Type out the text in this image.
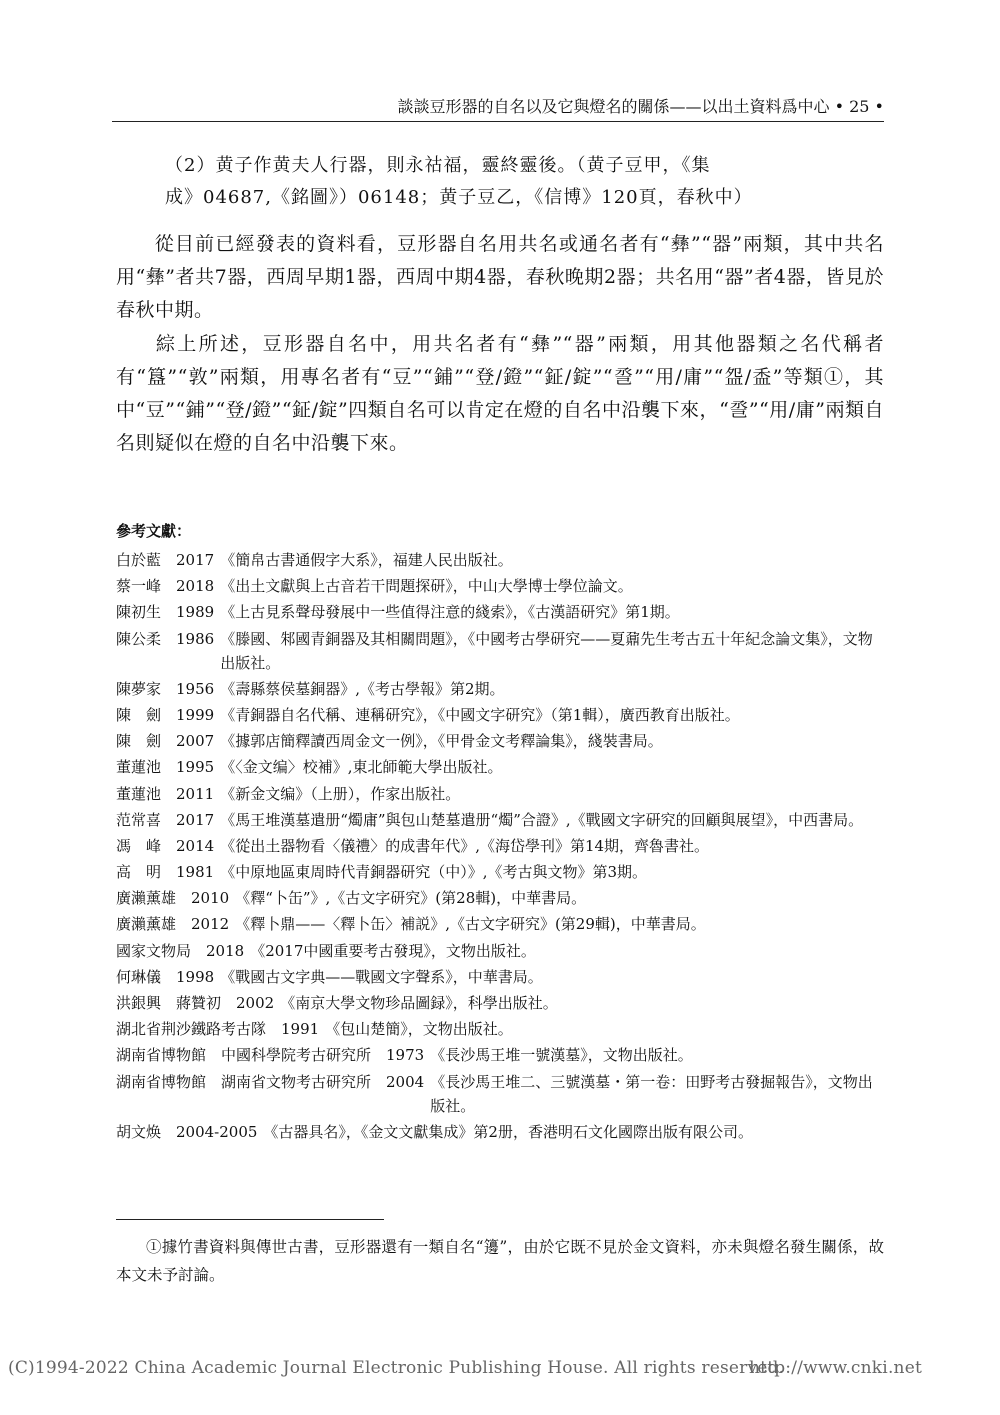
談談豆形器的自名以及它與燈名的關係——以出土資料爲中心 • 25 •
（2）黄子作黄夫人行器，則永祜福，靈終靈後。（黄子豆甲，《集
成》04687,《銘圖》）06148；黄子豆乙，《信博》120頁，春秋中）
從目前已經發表的資料看，豆形器自名用共名或通名者有“彝”“器”兩類，其中共名用“彝”者共7器，西周早期1器，西周中期4器，春秋晚期2器；共名用“器”者4器，皆見於春秋中期。
綜上所述，豆形器自名中，用共名者有“彝”“器”兩類，用其他器類之名代稱者有“簋”“敦”兩類，用專名者有“豆”“鋪”“登/鐙”“鉦/錠”“巹”“用/庸”“盌/盉”等類①，其中“豆”“鋪”“登/鐙”“鉦/錠”四類自名可以肯定在燈的自名中沿襲下來，“巹”“用/庸”兩類自名則疑似在燈的自名中沿襲下來。
參考文獻：
白於藍　2017 《簡帛古書通假字大系》，福建人民出版社。
蔡一峰　2018 《出土文獻與上古音若干問題探研》，中山大學博士學位論文。
陳初生　1989 《上古見系聲母發展中一些值得注意的綫索》，《古漢語研究》第1期。
陳公柔　1986 《滕國、邾國青銅器及其相關問題》，《中國考古學研究——夏鼐先生考古五十年紀念論文集》，文物出版社。
陳夢家　1956 《壽縣蔡侯墓銅器》,《考古學報》第2期。
陳　劍　1999 《青銅器自名代稱、連稱研究》，《中國文字研究》（第1輯），廣西教育出版社。
陳　劍　2007 《據郭店簡釋讀西周金文一例》，《甲骨金文考釋論集》，綫裝書局。
董蓮池　1995 《〈金文编〉校補》,東北師範大學出版社。
董蓮池　2011 《新金文编》（上册），作家出版社。
范常喜　2017 《馬王堆漢墓遣册“燭庸”與包山楚墓遣册“燭”合證》,《戰國文字研究的回顧與展望》，中西書局。
馮　峰　2014 《從出土器物看〈儀禮〉的成書年代》,《海岱學刊》第14期，齊魯書社。
高　明　1981 《中原地區東周時代青銅器研究（中）》,《考古與文物》第3期。
廣瀨薰雄　2010 《釋“卜缶”》,《古文字研究》(第28輯)，中華書局。
廣瀨薰雄　2012 《釋卜鼎——〈釋卜缶〉補説》,《古文字研究》(第29輯)，中華書局。
國家文物局　2018 《2017中國重要考古發現》，文物出版社。
何琳儀　1998 《戰國古文字典——戰國文字聲系》，中華書局。
洪銀興　蔣贊初　2002 《南京大學文物珍品圖録》，科學出版社。
湖北省荆沙鐵路考古隊　1991 《包山楚簡》，文物出版社。
湖南省博物館　中國科學院考古研究所　1973 《長沙馬王堆一號漢墓》，文物出版社。
湖南省博物館　湖南省文物考古研究所　2004 《長沙馬王堆二、三號漢墓・第一卷：田野考古發掘報告》，文物出版社。
胡文焕　2004-2005 《古器具名》，《金文文獻集成》第2册，香港明石文化國際出版有限公司。
①據竹書資料與傳世古書，豆形器還有一類自名“籩”，由於它既不見於金文資料，亦未與燈名發生關係，故本文未予討論。
(C)1994-2022 China Academic Journal Electronic Publishing House. All rights reserved.
http://www.cnki.net
